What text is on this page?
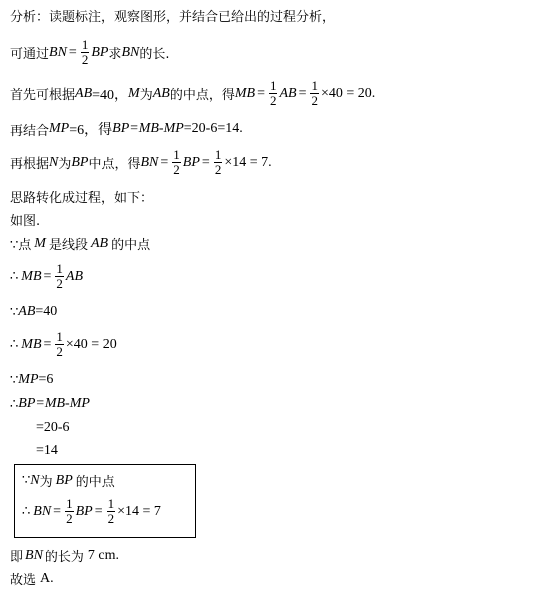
分析：读题标注，观察图形，并结合已给出的过程分析，
可通过 BN = $\frac{1}{2}$ BP 求 BN 的长.
首先可根据 AB =40， M 为 AB 的中点，得 MB = $\frac{1}{2}$ AB = $\frac{1}{2} \times 40 = 20$ .
再结合 MP =6，得 BP=MB-MP =20-6=14.
再根据 N 为 BP 中点，得 BN = $\frac{1}{2}$ BP = $\frac{1}{2} \times 14 = 7$ .
思路转化成过程，如下：
如图.
∵点 M 是线段 AB 的中点
∴ MB = $\frac{1}{2}$ AB
∵ AB =40
∴ MB = $\frac{1}{2} \times 40 = 20$
∵ MP =6
∴ BP=MB-MP
=20-6
=14
∵ N 为 BP 的中点
∴ BN = $\frac{1}{2}$ BP = $\frac{1}{2} \times 14 = 7$
即 BN 的长为 7 cm.
故选 A.
